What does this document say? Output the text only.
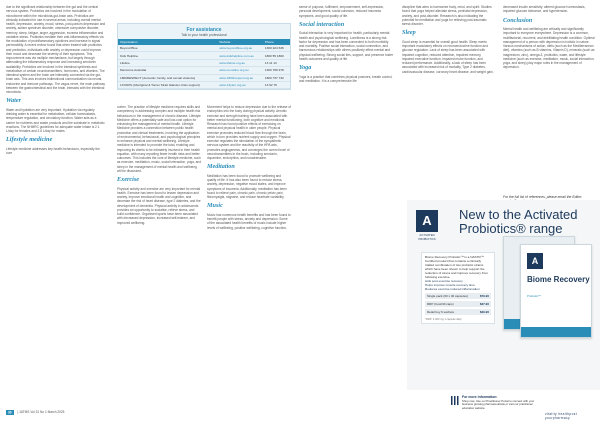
due to the significant relationship between the gut and the central nervous system. Probiotics are involved in the modulation of microbiome within the microbiota-gut-brain axis. Probiotics are clinically indicated for use in several areas, including overall mental health, depression, anxiety, mood, stress, post-partum depression and anxiety, autism spectrum disorder, obsessive compulsive disorder, memory, sleep, fatigue, anger, aggression, eczema inflammation and oxidative stress. Probiotics mediate their anti-inflammatory effects via the modulation of proinflammatory cytokines and increase in signal permeability. A recent review found that when treated with probiotics and prebiotics, individuals with anxiety or depression could improve their mood and decrease the severity of their symptoms. This improvement was via multiple mechanisms, but largely through attenuating the inflammatory response and increasing serotonin availability. Probiotics are involved in the intestinal synthesis and metabolism of certain neurotransmitters, hormones, and vitamins. The intestinal system and the brain are intimately connected via the gut-brain axis. This axis involves bidirectional communication via neural, endocrine and immune pathways. The vagus nerve, the main pathway between the gastrointestinal and the brain, interacts with the intestinal microbiota.

Water

Water and hydration are very important. Hydration via regularly drinking water is essential for metabolism, cellular homeostasis, temperature regulation, and circulatory function. Water acts as a carrier for nutrients and waste products and the substrate in metabolic reactions. The NHMRC guidelines for adequate water intake is 2.1 L/day for females and 2.6 L/day for males.

Lifestyle medicine

Lifestyle medicine addresses key health behaviours, especially the core

For assistance
Talk to your health professional
Organisation	Website	Phone
Beyond Blue	www.beyondblue.org.au	1300 224 636
Kids Helpline	www.kidshelpline.com.au	1800 55 1800
Lifeline	www.lifeline.org.au	13 11 14
MensLine Australia	www.mensline.org.au	1300 789 978
1800RESPECT (domestic, family, and sexual violence)	www.1800respect.org.au	1800 737 732
13YARN (Aboriginal & Torres Strait Islander crisis support)	www.13yarn.org.au	13 92 76

cortex. The practice of lifestyle medicine requires skills and competency in addressing complex and multiple health risk behaviours in the management of chronic disease. Lifestyle Medicine offers a potentially safe and low-cost option for enhancing the management of mental health. Lifestyle Medicine provides a connection between public health promotion and clinical treatments, involving the application of environmental, behavioural, and psychological principles to enhance physical and mental wellbeing. Lifestyle medicine is intended to promote the total, enabling and improving its clients to be intimately involved in their health equation, with many reporting fewer health risks and better outcomes. This includes the core of lifestyle medicine, such as exercise, meditation, music, social interaction, yoga, and sleep in the management of mental health and wellbeing will be discussed.

Exercise

Physical activity and exercise are very important for mental health. Exercise has been found to lessen depression and anxiety, improve emotional health and cognition, and decrease the risk of heart disease, type 2 diabetes, and the development of dementia. Physical activity in adolescents provides an opportunity to socialise, relieve stress, and build confidence. Organised sports have been associated with decreased depression, increased self-esteem, and improved wellbeing.

Movement helps to reduce depression due to the release of endorphins into the body during physical activity. Aerobic exercise and strength training have been associated with better mental functioning, both cognitive and emotional. Research has found positive effects of exercising on mental and physical health in older people. Physical exercise promotes reduced blood flow through the brain, which in turn provides nutrient supply and oxygen. Physical exercise regulates the stimulation of the sympathetic nervous system and the reactivity of the HPA axis, promotes angiogenesis, and converges the correct level of neurotransmitters in the brain, including serotonin, dopamine, endorphins, and noradrenaline.

Meditation

Meditation has been found to promote wellbeing and quality of life. It has also been found to reduce stress, anxiety, depression, negative mood states, and improve symptoms of insomnia. Additionally, meditation has been found to relieve pain, chronic pain, chronic pelvic pain, fibromyalgia, migraine, and reduce heartrate variability.

Music

Music has numerous health benefits and has been found to benefit people with stress, anxiety and depression. Some of the associated health benefits of music include higher levels of wellbeing, positive wellbeing, cognitive function,

sense of purpose, fulfilment, empowerment, self-expression, personal development, social cohesion, reduced insomnia symptoms, and good quality of life.

Social interaction

Social interaction is very important for health, particularly mental health and psychological wellbeing. Loneliness is a strong risk factor for depression and has been connected to both morbidity and mortality. Positive social interaction, social connection, and harmonious relationships with others positively effect mental and physical wellbeing. Strong social ties, support, and presence foster health outcomes and quality of life.

Yoga

Yoga is a practice that combines physical postures, breath control, and meditation. It is a comprehensive life

discipline that aims to harmonise body, mind, and spirit. Studies found that yoga helped alleviate stress, perinatal depression, anxiety, and post-disorder. Research is also indicating the potential for meditation and yoga for relieving post-traumatic stress disorder.

Sleep

Good sleep is essential for overall good health. Sleep exerts important modulatory effects on neuroendocrine function and glucose regulation. Lack of sleep has been associated with impaired cognition, reduced attention, impaired memory, impaired executive function, impaired motor function, and reduced performance. Additionally, a lack of sleep has been associated with increased risk of mortality, Type 2 diabetes, cardiovascular disease, coronary heart disease, and weight gain.

decreased insulin sensitivity, altered glucose homeostasis, impaired glucose tolerance, and hypertension.

Conclusion

Mental health and wellbeing are critically and significantly important to everyone everywhere. Depression is a common, multifactorial, recurrent, and debilitating health condition. Optimal management of a person with depression is holistic in nature. Various mechanisms of action, diets (such as the Mediterranean diet), vitamins (such as B vitamins, Vitamin D), minerals (such as magnesium, zinc), omega-3, probiotics, water, and lifestyle medicine (such as exercise, meditation, music, social interaction, yoga, and sleep) play major roles in the management of depression.

For the full list of references, please email the Editor:
A
ACTIVATED PROBIOTICS
New to the Activated Probiotics® range
Biome Recovery Probiotic™ is a NASTR™ Certified product that contains a clinically trialled combination of two probiotic strains which have been shown to help support the reduction of stress and improve recovery from following exercise.
Aids post exercise recovery
Helps improve muscle recovery time
Reduces exercise induced inflammation
Single pack (60 x 30 capsules)	$79.90
RRP (Cost/30 caps)	$37.90
Retail buy 6 sachets	$39.90
*RRP: 4,000 mg 1 capsule daily
A
Biome Recovery
Probiotic™
For more information:
Shop now, Use our Practitioner Portal to connect with your business growing pharmaceuticals or visit our practitioner education website.
vitality healthpost yourpharmacy
30 | JATMS Vol 31 No 1 March 2025
